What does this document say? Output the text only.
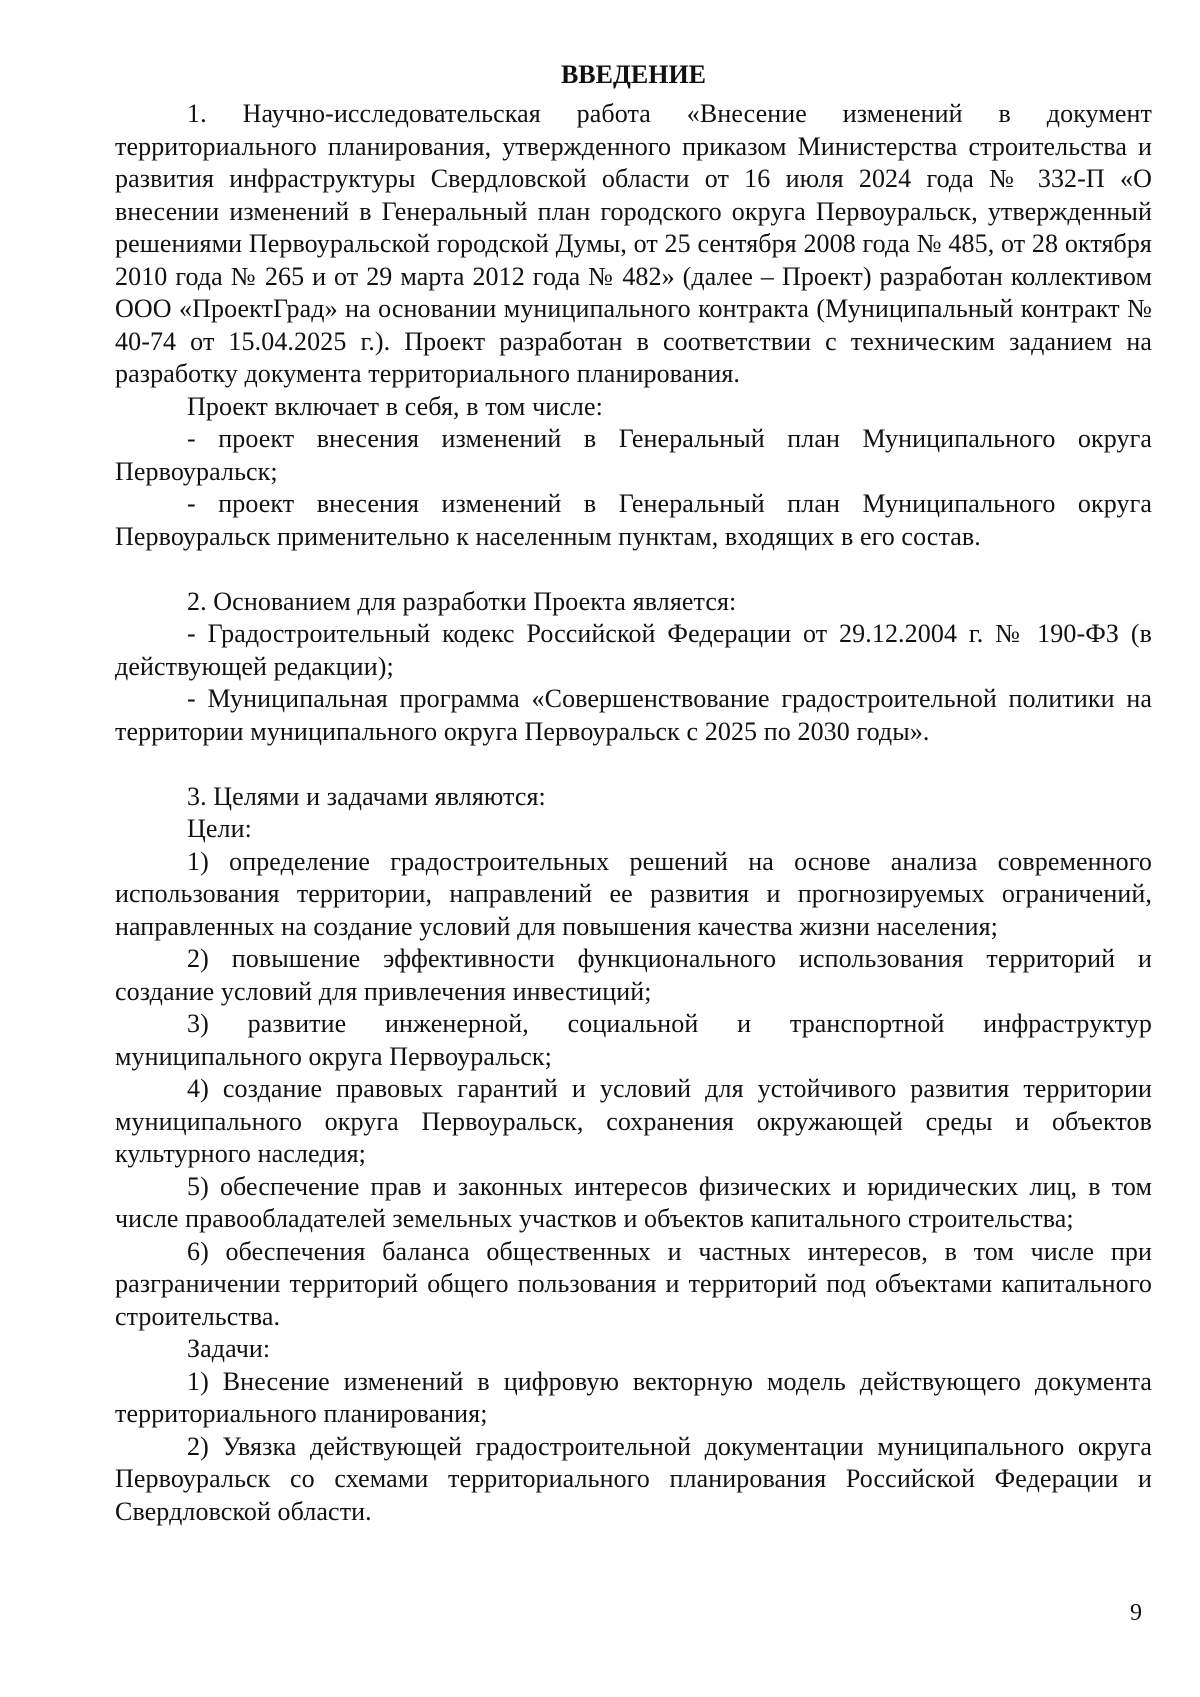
ВВЕДЕНИЕ

1. Научно-исследовательская работа «Внесение изменений в документ территориального планирования, утвержденного приказом Министерства строительства и развития инфраструктуры Свердловской области от 16 июля 2024 года № 332-П «О внесении изменений в Генеральный план городского округа Первоуральск, утвержденный решениями Первоуральской городской Думы, от 25 сентября 2008 года № 485, от 28 октября 2010 года № 265 и от 29 марта 2012 года № 482» (далее – Проект) разработан коллективом ООО «ПроектГрад» на основании муниципального контракта (Муниципальный контракт № 40-74 от 15.04.2025 г.). Проект разработан в соответствии с техническим заданием на разработку документа территориального планирования.

Проект включает в себя, в том числе:

- проект внесения изменений в Генеральный план Муниципального округа Первоуральск;

- проект внесения изменений в Генеральный план Муниципального округа Первоуральск применительно к населенным пунктам, входящих в его состав.

2. Основанием для разработки Проекта является:

- Градостроительный кодекс Российской Федерации от 29.12.2004 г. № 190-ФЗ (в действующей редакции);

- Муниципальная программа «Совершенствование градостроительной политики на территории муниципального округа Первоуральск с 2025 по 2030 годы».

3. Целями и задачами являются:

Цели:

1) определение градостроительных решений на основе анализа современного использования территории, направлений ее развития и прогнозируемых ограничений, направленных на создание условий для повышения качества жизни населения;

2) повышение эффективности функционального использования территорий и создание условий для привлечения инвестиций;

3) развитие инженерной, социальной и транспортной инфраструктур муниципального округа Первоуральск;

4) создание правовых гарантий и условий для устойчивого развития территории муниципального округа Первоуральск, сохранения окружающей среды и объектов культурного наследия;

5) обеспечение прав и законных интересов физических и юридических лиц, в том числе правообладателей земельных участков и объектов капитального строительства;

6) обеспечения баланса общественных и частных интересов, в том числе при разграничении территорий общего пользования и территорий под объектами капитального строительства.

Задачи:

1) Внесение изменений в цифровую векторную модель действующего документа территориального планирования;

2) Увязка действующей градостроительной документации муниципального округа Первоуральск со схемами территориального планирования Российской Федерации и Свердловской области.

9
